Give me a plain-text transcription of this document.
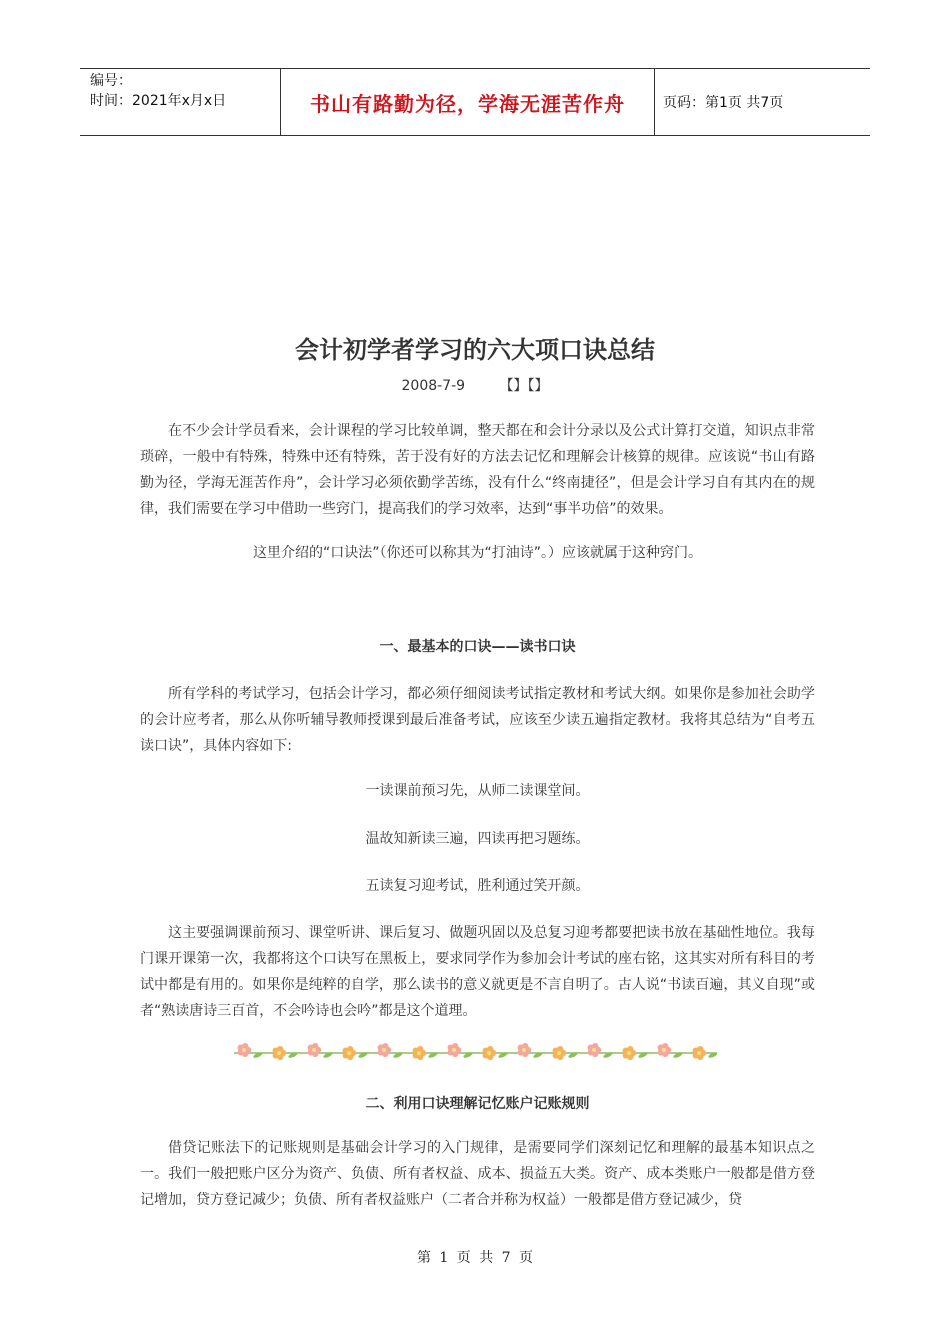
编号：
时间：2021年x月x日	书山有路勤为径，学海无涯苦作舟	页码：第1页 共7页
会计初学者学习的六大项口诀总结
2008-7-9 【】【】

在不少会计学员看来，会计课程的学习比较单调，整天都在和会计分录以及公式计算打交道，知识点非常琐碎，一般中有特殊，特殊中还有特殊，苦于没有好的方法去记忆和理解会计核算的规律。应该说“书山有路勤为径，学海无涯苦作舟”，会计学习必须依勤学苦练，没有什么“终南捷径”，但是会计学习自有其内在的规律，我们需要在学习中借助一些窍门，提高我们的学习效率，达到“事半功倍”的效果。

这里介绍的“口诀法”（你还可以称其为“打油诗”。）应该就属于这种窍门。

一、最基本的口诀——读书口诀

所有学科的考试学习，包括会计学习，都必须仔细阅读考试指定教材和考试大纲。如果你是参加社会助学的会计应考者，那么从你听辅导教师授课到最后准备考试，应该至少读五遍指定教材。我将其总结为“自考五读口诀”，具体内容如下:

一读课前预习先，从师二读课堂间。

温故知新读三遍，四读再把习题练。

五读复习迎考试，胜利通过笑开颜。

这主要强调课前预习、课堂听讲、课后复习、做题巩固以及总复习迎考都要把读书放在基础性地位。我每门课开课第一次，我都将这个口诀写在黑板上，要求同学作为参加会计考试的座右铭，这其实对所有科目的考试中都是有用的。如果你是纯粹的自学，那么读书的意义就更是不言自明了。古人说“书读百遍，其义自现”或者“熟读唐诗三百首，不会吟诗也会吟”都是这个道理。

二、利用口诀理解记忆账户记账规则

借贷记账法下的记账规则是基础会计学习的入门规律，是需要同学们深刻记忆和理解的最基本知识点之一。我们一般把账户区分为资产、负债、所有者权益、成本、损益五大类。资产、成本类账户一般都是借方登记增加，贷方登记减少；负债、所有者权益账户（二者合并称为权益）一般都是借方登记减少，贷

第 1 页 共 7 页
